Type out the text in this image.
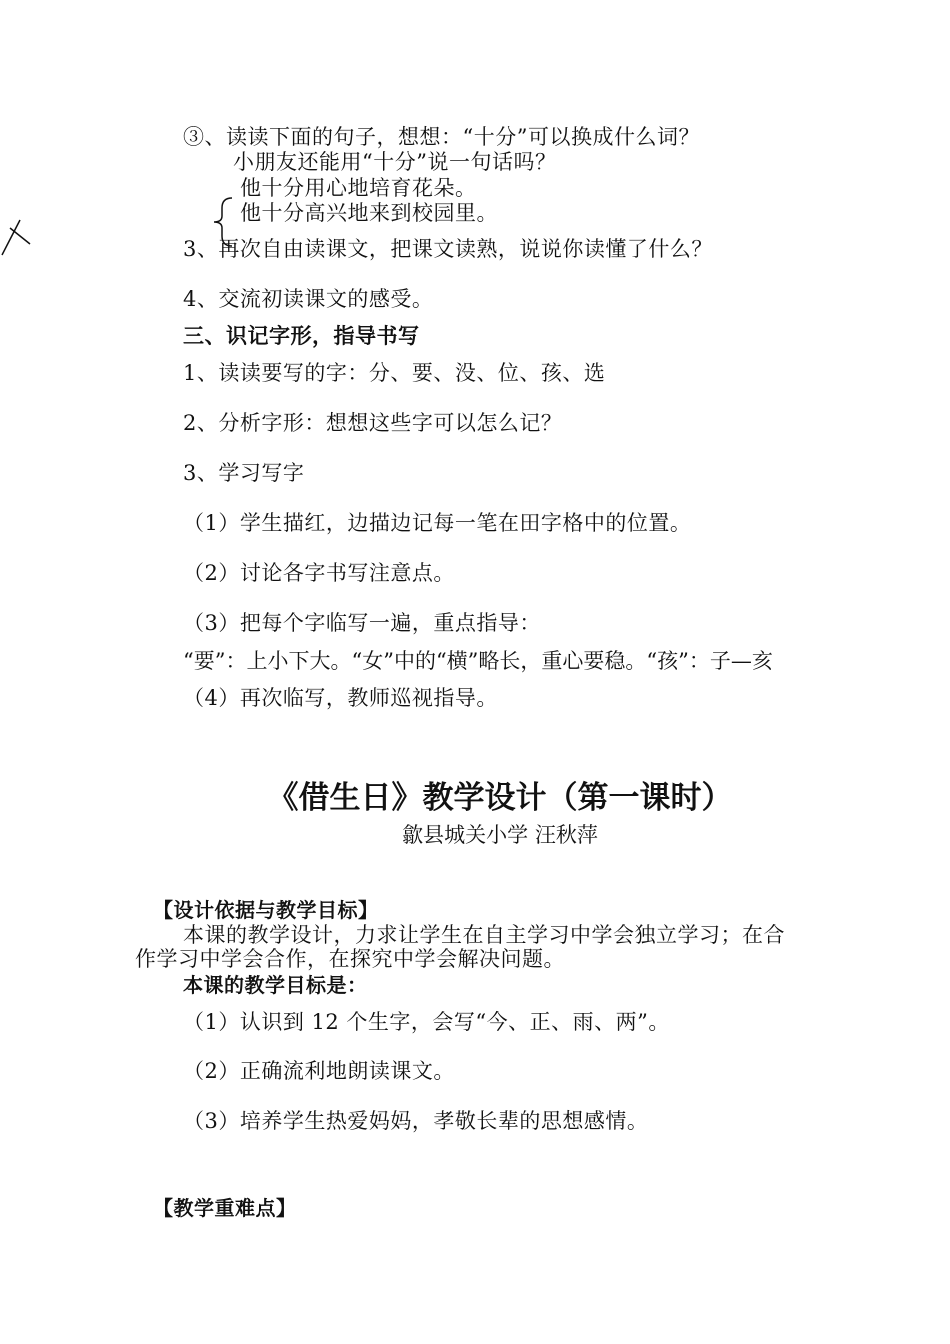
③、读读下面的句子，想想：“十分”可以换成什么词？
小朋友还能用“十分”说一句话吗？
他十分用心地培育花朵。
他十分高兴地来到校园里。
3、再次自由读课文，把课文读熟，说说你读懂了什么？
4、交流初读课文的感受。
三、识记字形，指导书写
1、读读要写的字：分、要、没、位、孩、选
2、分析字形：想想这些字可以怎么记？
3、学习写字
（1）学生描红，边描边记每一笔在田字格中的位置。
（2）讨论各字书写注意点。
（3）把每个字临写一遍，重点指导：
“要”：上小下大。“女”中的“横”略长，重心要稳。“孩”：子—亥
（4）再次临写，教师巡视指导。
《借生日》教学设计（第一课时）
歙县城关小学 汪秋萍
【设计依据与教学目标】
本课的教学设计，力求让学生在自主学习中学会独立学习；在合
作学习中学会合作，在探究中学会解决问题。
本课的教学目标是：
（1）认识到 12 个生字，会写“今、正、雨、两”。
（2）正确流利地朗读课文。
（3）培养学生热爱妈妈，孝敬长辈的思想感情。
【教学重难点】
